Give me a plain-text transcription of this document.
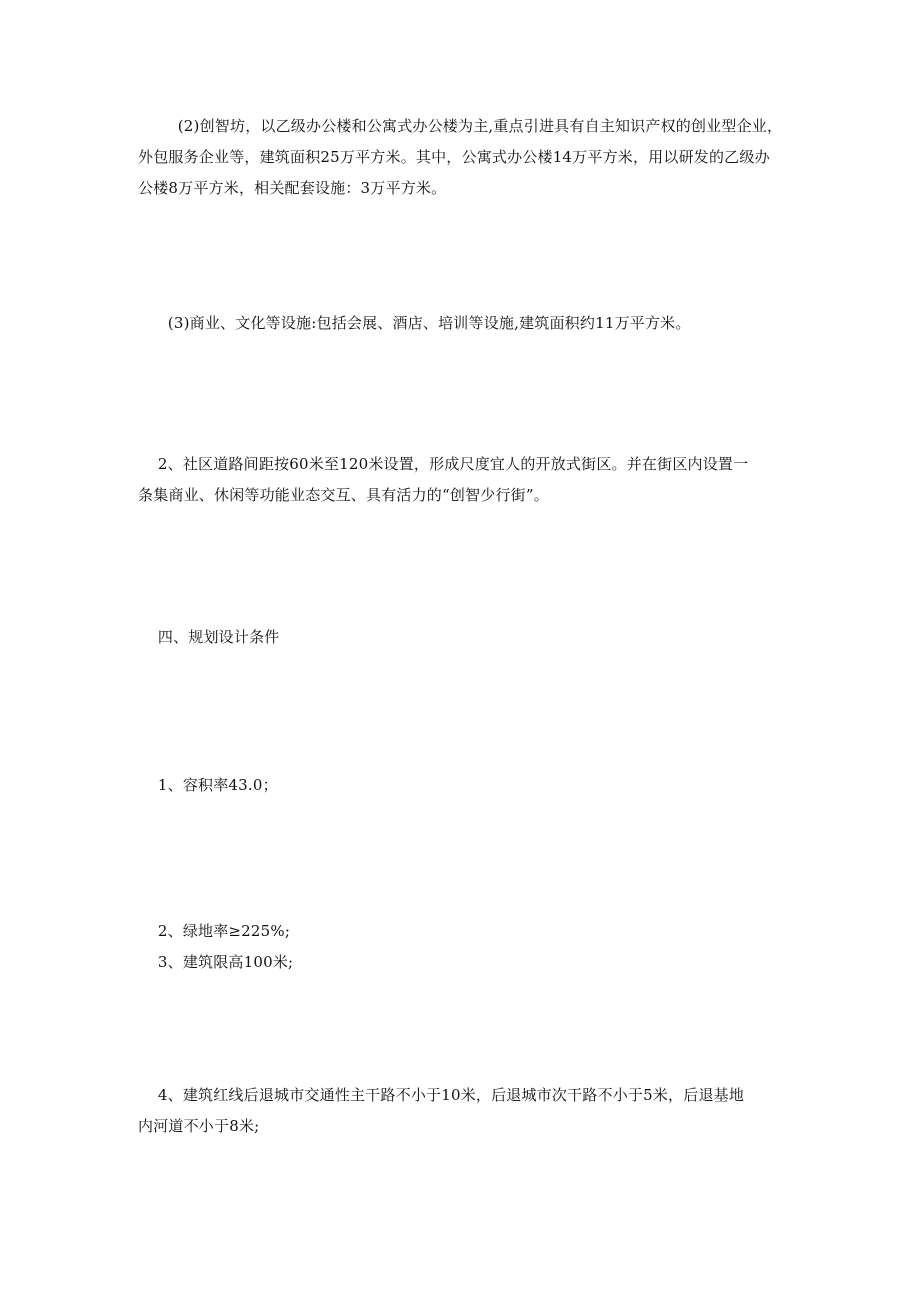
(2)创智坊，以乙级办公楼和公寓式办公楼为主,重点引进具有自主知识产权的创业型企业，
外包服务企业等，建筑面积25万平方米。其中，公寓式办公楼14万平方米，用以研发的乙级办
公楼8万平方米，相关配套设施：3万平方米。

(3)商业、文化等设施:包括会展、酒店、培训等设施,建筑面积约11万平方米。

2、社区道路间距按60米至120米设置，形成尺度宜人的开放式街区。并在街区内设置一
条集商业、休闲等功能业态交互、具有活力的“创智少行街”。

四、规划设计条件

1、容积率43.0；

2、绿地率≥225%;
3、建筑限高100米;

4、建筑红线后退城市交通性主干路不小于10米，后退城市次干路不小于5米，后退基地
内河道不小于8米;
